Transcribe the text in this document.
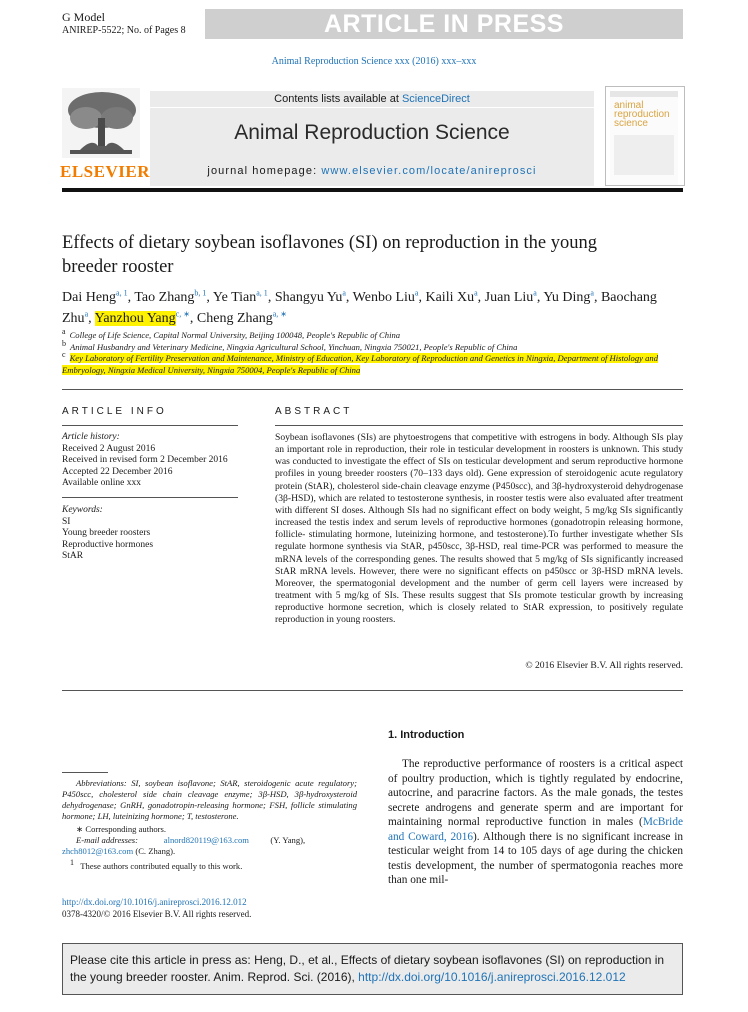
G Model
ANIREP-5522; No. of Pages 8	ARTICLE IN PRESS
Animal Reproduction Science xxx (2016) xxx–xxx
ELSEVIER
Contents lists available at ScienceDirect
Animal Reproduction Science
journal homepage: www.elsevier.com/locate/anireprosci
animal
reproduction
science
Effects of dietary soybean isoflavones (SI) on reproduction in the young breeder rooster
Dai Heng$^{a, 1}$, Tao Zhang$^{b, 1}$, Ye Tian$^{a, 1}$, Shangyu Yu$^a$, Wenbo Liu$^a$, Kaili Xu$^a$, Juan Liu$^a$, Yu Ding$^a$, Baochang Zhu$^a$, Yanzhou Yang$^{c, ∗}$, Cheng Zhang$^{a, ∗}$
$^a$ College of Life Science, Capital Normal University, Beijing 100048, People's Republic of China
$^b$ Animal Husbandry and Veterinary Medicine, Ningxia Agricultural School, Yinchuan, Ningxia 750021, People's Republic of China
$^c$ Key Laboratory of Fertility Preservation and Maintenance, Ministry of Education, Key Laboratory of Reproduction and Genetics in Ningxia, Department of Histology and Embryology, Ningxia Medical University, Ningxia 750004, People's Republic of China
ARTICLE INFO	ABSTRACT
Article history:
Received 2 August 2016
Received in revised form 2 December 2016
Accepted 22 December 2016
Available online xxx
Keywords:
SI
Young breeder roosters
Reproductive hormones
StAR
Soybean isoflavones (SIs) are phytoestrogens that competitive with estrogens in body. Although SIs play an important role in reproduction, their role in testicular development in roosters is unknown. This study was conducted to investigate the effect of SIs on testicular development and serum reproductive hormone profiles in young breeder roosters (70–133 days old). Gene expression of steroidogenic acute regulatory protein (StAR), cholesterol side-chain cleavage enzyme (P450scc), and 3β-hydroxysteroid dehydrogenase (3β-HSD), which are related to testosterone synthesis, in rooster testis were also evaluated after treatment with different SI doses. Although SIs had no significant effect on body weight, 5 mg/kg SIs significantly increased the testis index and serum levels of reproductive hormones (gonadotropin releasing hormone, follicle- stimulating hormone, luteinizing hormone, and testosterone).To further investigate whether SIs regulate hormone synthesis via StAR, p450scc, 3β-HSD, real time-PCR was performed to measure the mRNA levels of the corresponding genes. The results showed that 5 mg/kg of SIs significantly increased StAR mRNA levels. However, there were no significant effects on p450scc or 3β-HSD mRNA levels. Moreover, the spermatogonial development and the number of germ cell layers were increased by treatment with 5 mg/kg of SIs. These results suggest that SIs promote testicular growth by increasing reproductive hormone secretion, which is closely related to StAR expression, to positively regulate reproduction in young roosters.
© 2016 Elsevier B.V. All rights reserved.
1. Introduction
The reproductive performance of roosters is a critical aspect of poultry production, which is tightly regulated by endocrine, autocrine, and paracrine factors. As the male gonads, the testes secrete androgens and generate sperm and are important for maintaining normal reproductive function in males (McBride and Coward, 2016). Although there is no significant increase in testicular weight from 14 to 105 days of age during the chicken testis development, the number of spermatogonia reaches more than one mil-

Abbreviations: SI, soybean isoflavone; StAR, steroidogenic acute regulatory; P450scc, cholesterol side chain cleavage enzyme; 3β-HSD, 3β-hydroxysteroid dehydrogenase; GnRH, gonadotropin-releasing hormone; FSH, follicle stimulating hormone; LH, luteinizing hormone; T, testosterone.

∗ Corresponding authors.

E-mail addresses:	alnord820119@163.com (Y. Yang),

zhch8012@163.com (C. Zhang).

$^1$ These authors contributed equally to this work.

http://dx.doi.org/10.1016/j.anireprosci.2016.12.012
0378-4320/© 2016 Elsevier B.V. All rights reserved.
Please cite this article in press as: Heng, D., et al., Effects of dietary soybean isoflavones (SI) on reproduction in the young breeder rooster. Anim. Reprod. Sci. (2016), http://dx.doi.org/10.1016/j.anireprosci.2016.12.012
